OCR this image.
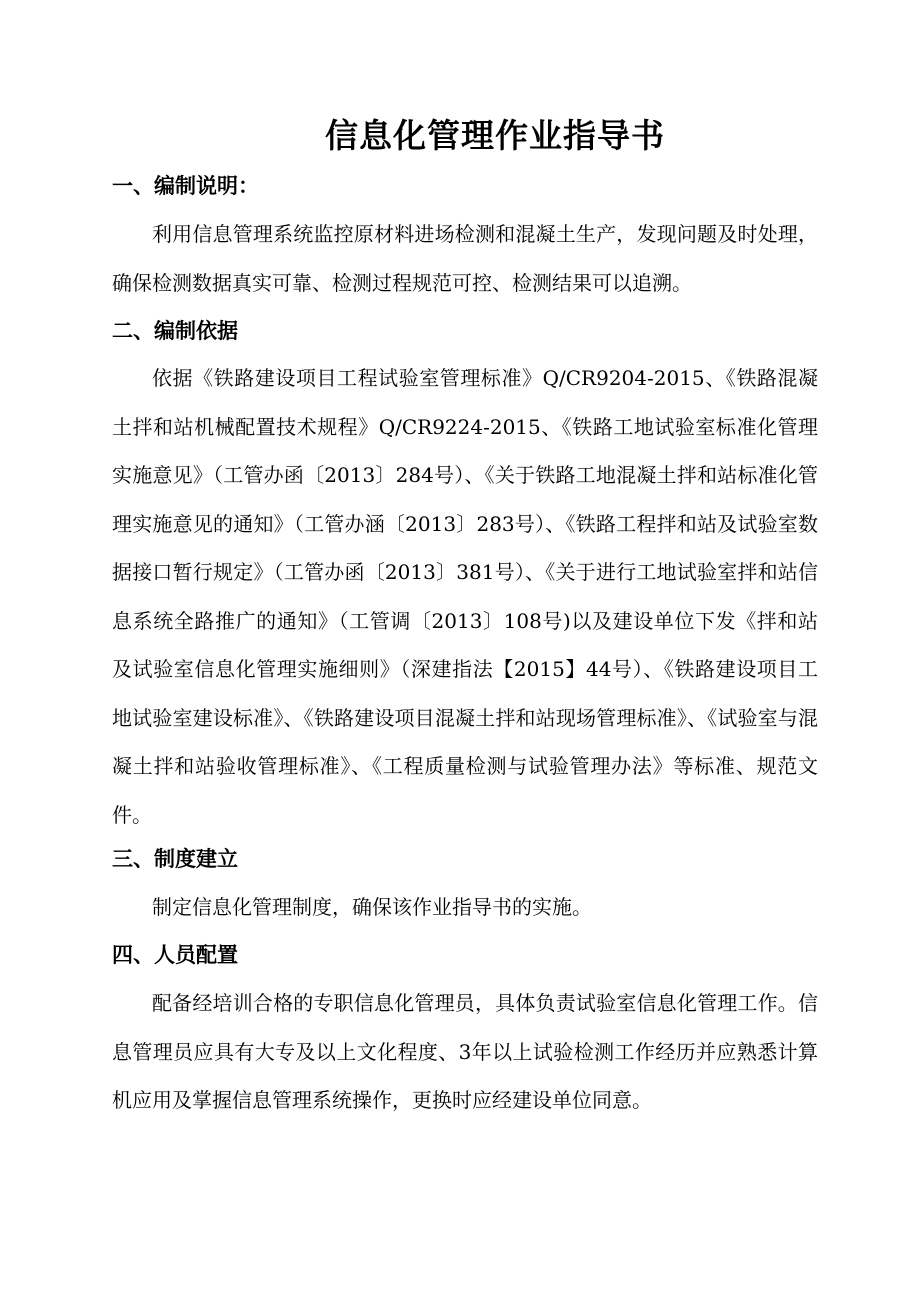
信息化管理作业指导书
一、编制说明：

利用信息管理系统监控原材料进场检测和混凝土生产，发现问题及时处理，确保检测数据真实可靠、检测过程规范可控、检测结果可以追溯。

二、编制依据

依据《铁路建设项目工程试验室管理标准》Q/CR9204-2015、《铁路混凝土拌和站机械配置技术规程》Q/CR9224-2015、《铁路工地试验室标准化管理实施意见》（工管办函〔2013〕284号）、《关于铁路工地混凝土拌和站标准化管理实施意见的通知》（工管办涵〔2013〕283号）、《铁路工程拌和站及试验室数据接口暂行规定》（工管办函〔2013〕381号）、《关于进行工地试验室拌和站信息系统全路推广的通知》（工管调〔2013〕108号)以及建设单位下发《拌和站及试验室信息化管理实施细则》（深建指法【2015】44号）、《铁路建设项目工地试验室建设标准》、《铁路建设项目混凝土拌和站现场管理标准》、《试验室与混凝土拌和站验收管理标准》、《工程质量检测与试验管理办法》等标准、规范文件。

三、制度建立

制定信息化管理制度，确保该作业指导书的实施。

四、人员配置

配备经培训合格的专职信息化管理员，具体负责试验室信息化管理工作。信息管理员应具有大专及以上文化程度、3年以上试验检测工作经历并应熟悉计算机应用及掌握信息管理系统操作，更换时应经建设单位同意。
